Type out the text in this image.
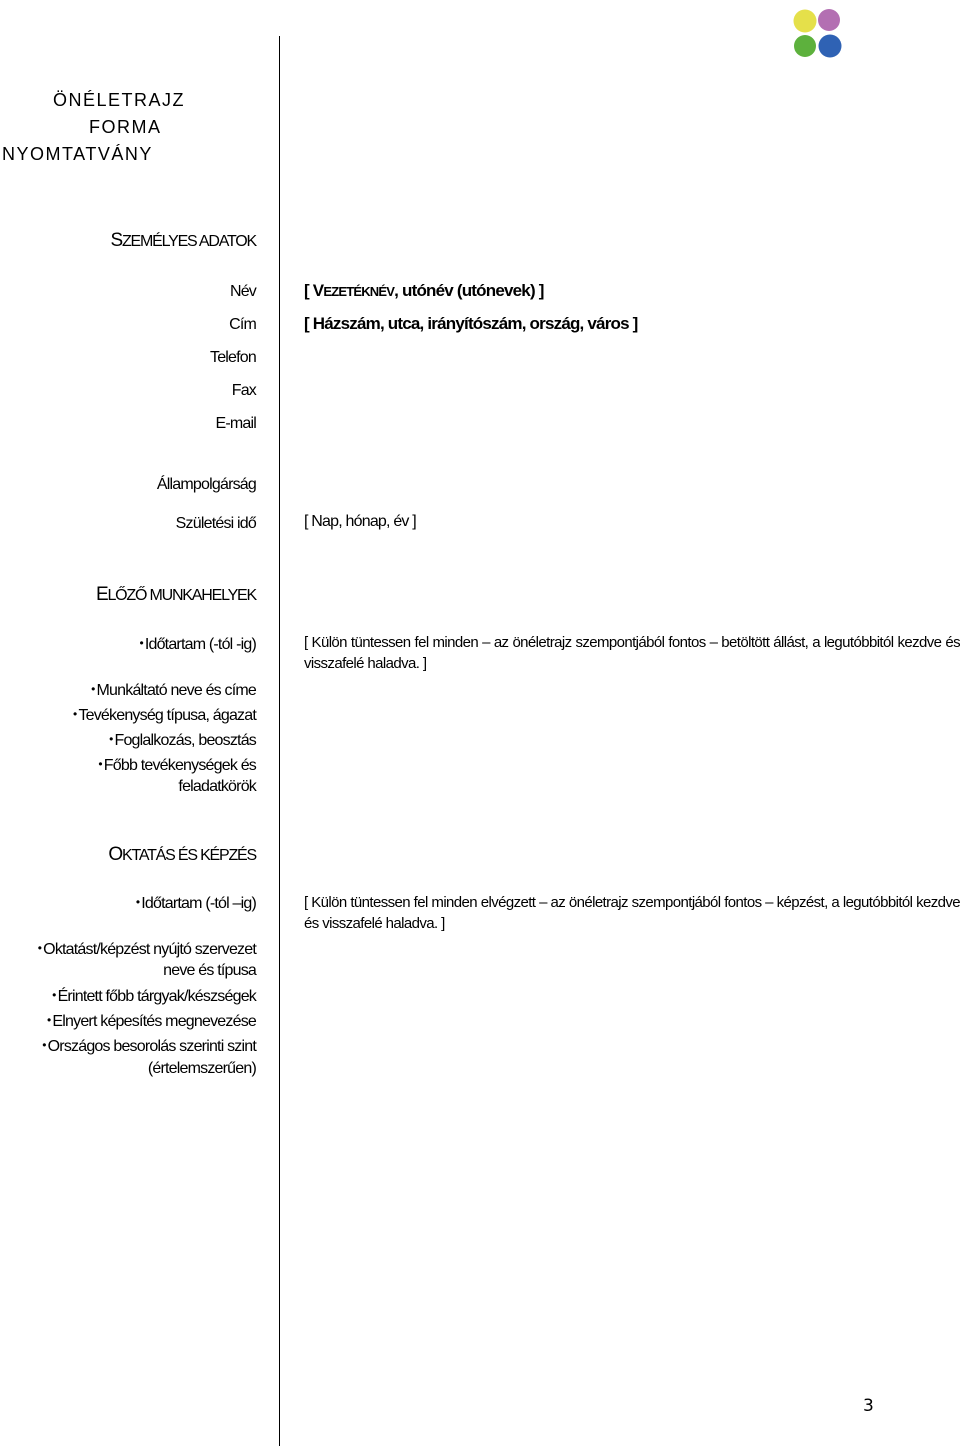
ÖNÉLETRAJZ
FORMA
NYOMTATVÁNY
SZEMÉLYES ADATOK
Név
Cím
Telefon
Fax
E-mail
[ VEZETÉKNÉV, utónév (utónevek) ]
[ Házszám, utca, irányítószám, ország, város ]
Állampolgárság
Születési idő	[ Nap, hónap, év ]
ELŐZŐ MUNKAHELYEK
• Időtartam (-tól -ig)
• Munkáltató neve és címe
• Tevékenység típusa, ágazat
• Foglalkozás, beosztás
• Főbb tevékenységek és
feladatkörök
[ Külön tüntessen fel minden – az önéletrajz szempontjából fontos – betöltött állást, a legutóbbitól kezdve és visszafelé haladva. ]
OKTATÁS ÉS KÉPZÉS
• Időtartam (-tól –ig)
• Oktatást/képzést nyújtó szervezet
neve és típusa
• Érintett főbb tárgyak/készségek
• Elnyert képesítés megnevezése
• Országos besorolás szerinti szint
(értelemszerűen)
[ Külön tüntessen fel minden elvégzett – az önéletrajz szempontjából fontos – képzést, a legutóbbitól kezdve és visszafelé haladva. ]
3
